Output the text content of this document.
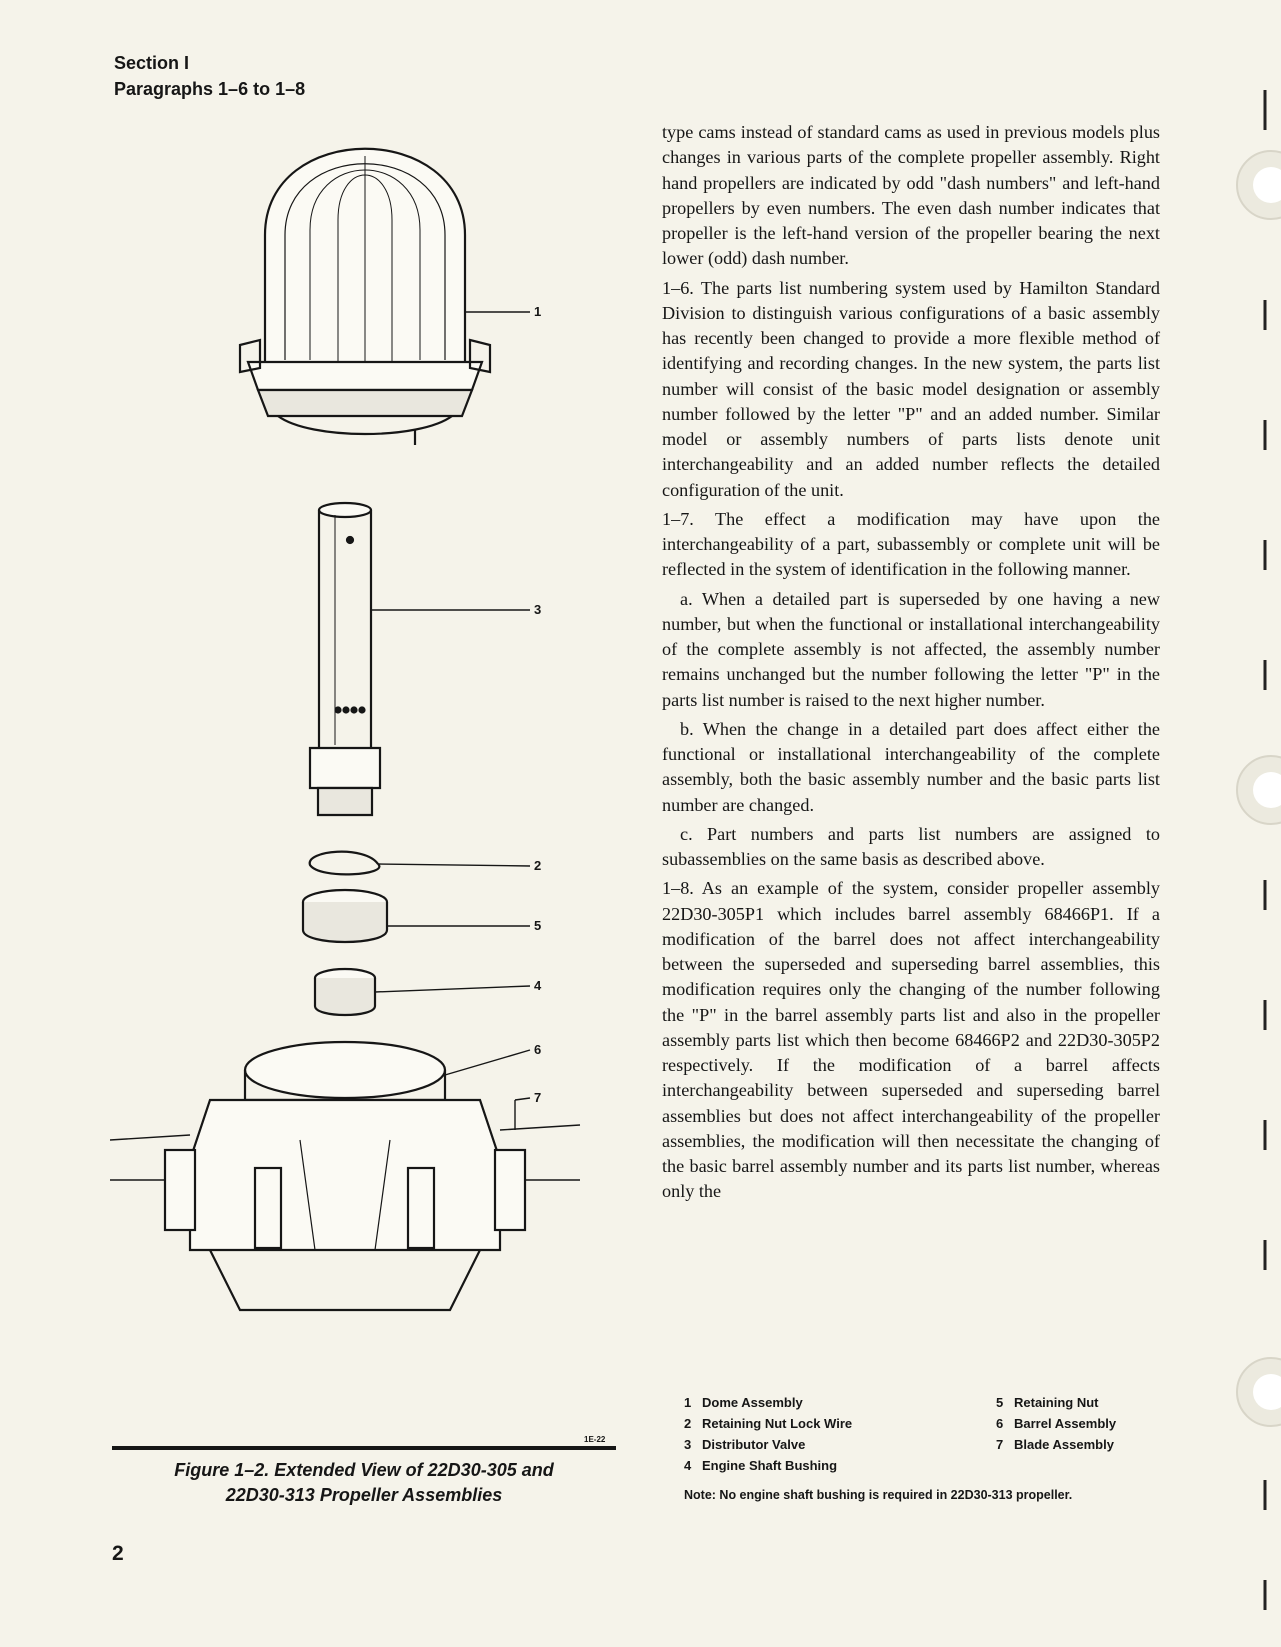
Section I
Paragraphs 1–6 to 1–8

type cams instead of standard cams as used in previous models plus changes in various parts of the complete propeller assembly. Right hand propellers are indicated by odd "dash numbers" and left-hand propellers by even numbers. The even dash number indicates that propeller is the left-hand version of the propeller bearing the next lower (odd) dash number.

1–6. The parts list numbering system used by Hamilton Standard Division to distinguish various configurations of a basic assembly has recently been changed to provide a more flexible method of identifying and recording changes. In the new system, the parts list number will consist of the basic model designation or assembly number followed by the letter "P" and an added number. Similar model or assembly numbers of parts lists denote unit interchangeability and an added number reflects the detailed configuration of the unit.

1–7. The effect a modification may have upon the interchangeability of a part, subassembly or complete unit will be reflected in the system of identification in the following manner.

a. When a detailed part is superseded by one having a new number, but when the functional or installational interchangeability of the complete assembly is not affected, the assembly number remains unchanged but the number following the letter "P" in the parts list number is raised to the next higher number.

b. When the change in a detailed part does affect either the functional or installational interchangeability of the complete assembly, both the basic assembly number and the basic parts list number are changed.

c. Part numbers and parts list numbers are assigned to subassemblies on the same basis as described above.

1–8. As an example of the system, consider propeller assembly 22D30-305P1 which includes barrel assembly 68466P1. If a modification of the barrel does not affect interchangeability between the superseded and superseding barrel assemblies, this modification requires only the changing of the number following the "P" in the barrel assembly parts list and also in the propeller assembly parts list which then become 68466P2 and 22D30-305P2 respectively. If the modification of a barrel affects interchangeability between superseded and superseding barrel assemblies but does not affect interchangeability of the propeller assemblies, the modification will then necessitate the changing of the basic barrel assembly number and its parts list number, whereas only the

1
3
2
5
4
6
7
1E-22
Figure 1–2. Extended View of 22D30-305 and
22D30-313 Propeller Assemblies
1 Dome Assembly
2 Retaining Nut Lock Wire
3 Distributor Valve
4 Engine Shaft Bushing
5 Retaining Nut
6 Barrel Assembly
7 Blade Assembly
Note: No engine shaft bushing is required in 22D30-313 propeller.
2
